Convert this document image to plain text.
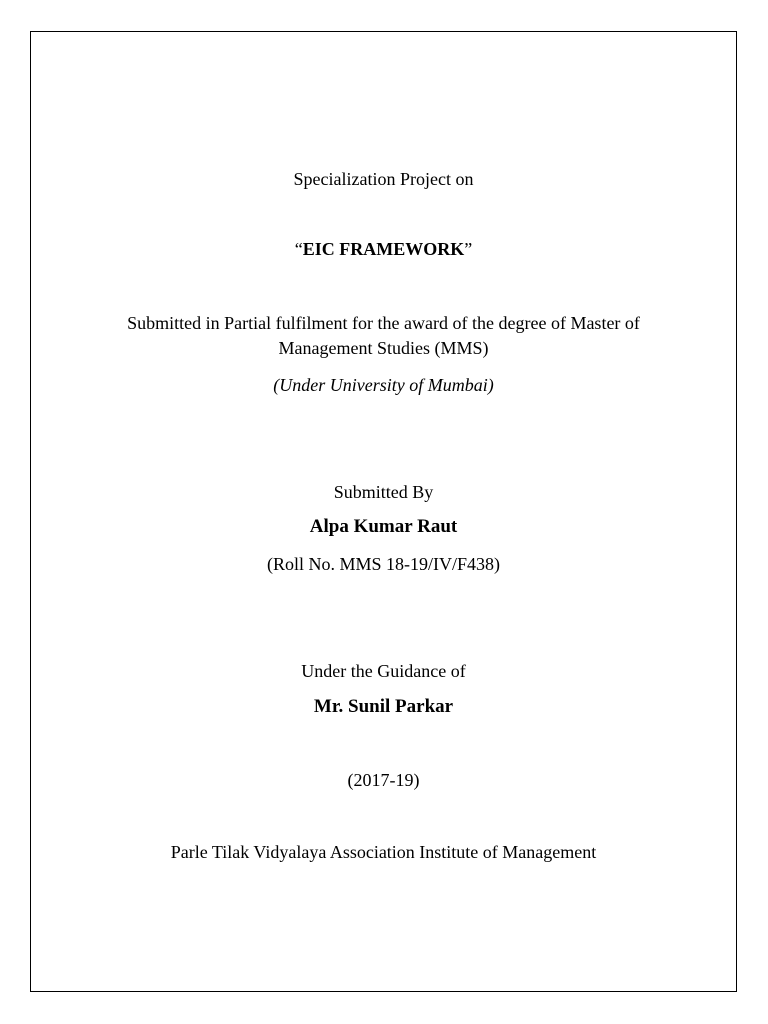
Specialization Project on
“EIC FRAMEWORK”
Submitted in Partial fulfilment for the award of the degree of Master of
Management Studies (MMS)
(Under University of Mumbai)
Submitted By
Alpa Kumar Raut
(Roll No. MMS 18-19/IV/F438)
Under the Guidance of
Mr. Sunil Parkar
(2017-19)
Parle Tilak Vidyalaya Association Institute of Management
